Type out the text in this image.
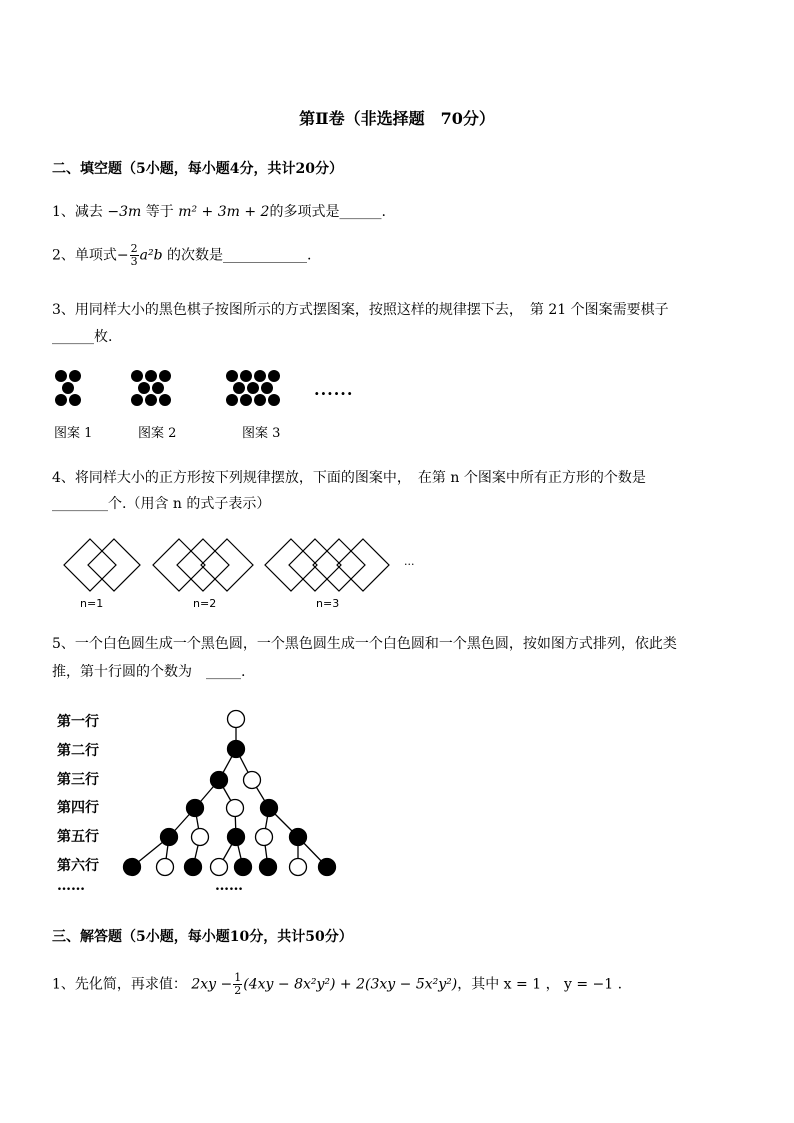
第Ⅱ卷（非选择题　70分）
二、填空题（5小题，每小题4分，共计20分）
1、减去 −3m 等于 m² + 3m + 2的多项式是______.
2、单项式− $\frac{2}{3} a^2b$ 的次数是____________.
3、用同样大小的黑色棋子按图所示的方式摆图案，按照这样的规律摆下去，　第 21 个图案需要棋子
______枚.
······
图案 1	图案 2	图案 3
4、将同样大小的正方形按下列规律摆放，下面的图案中，　在第 n 个图案中所有正方形的个数是
________个.（用含 n 的式子表示）
···
n=1	n=2	n=3
5、一个白色圆生成一个黑色圆，一个黑色圆生成一个白色圆和一个黑色圆，按如图方式排列，依此类
推，第十行圆的个数为　_____.
第一行
第二行
第三行
第四行
第五行
第六行
……	……
三、解答题（5小题，每小题10分，共计50分）
1、先化简，再求值： $2xy - \frac{1}{2} (4xy - 8x^2y^2) + 2(3xy - 5x^2y^2)$，其中 x = 1 ， y = −1 .
